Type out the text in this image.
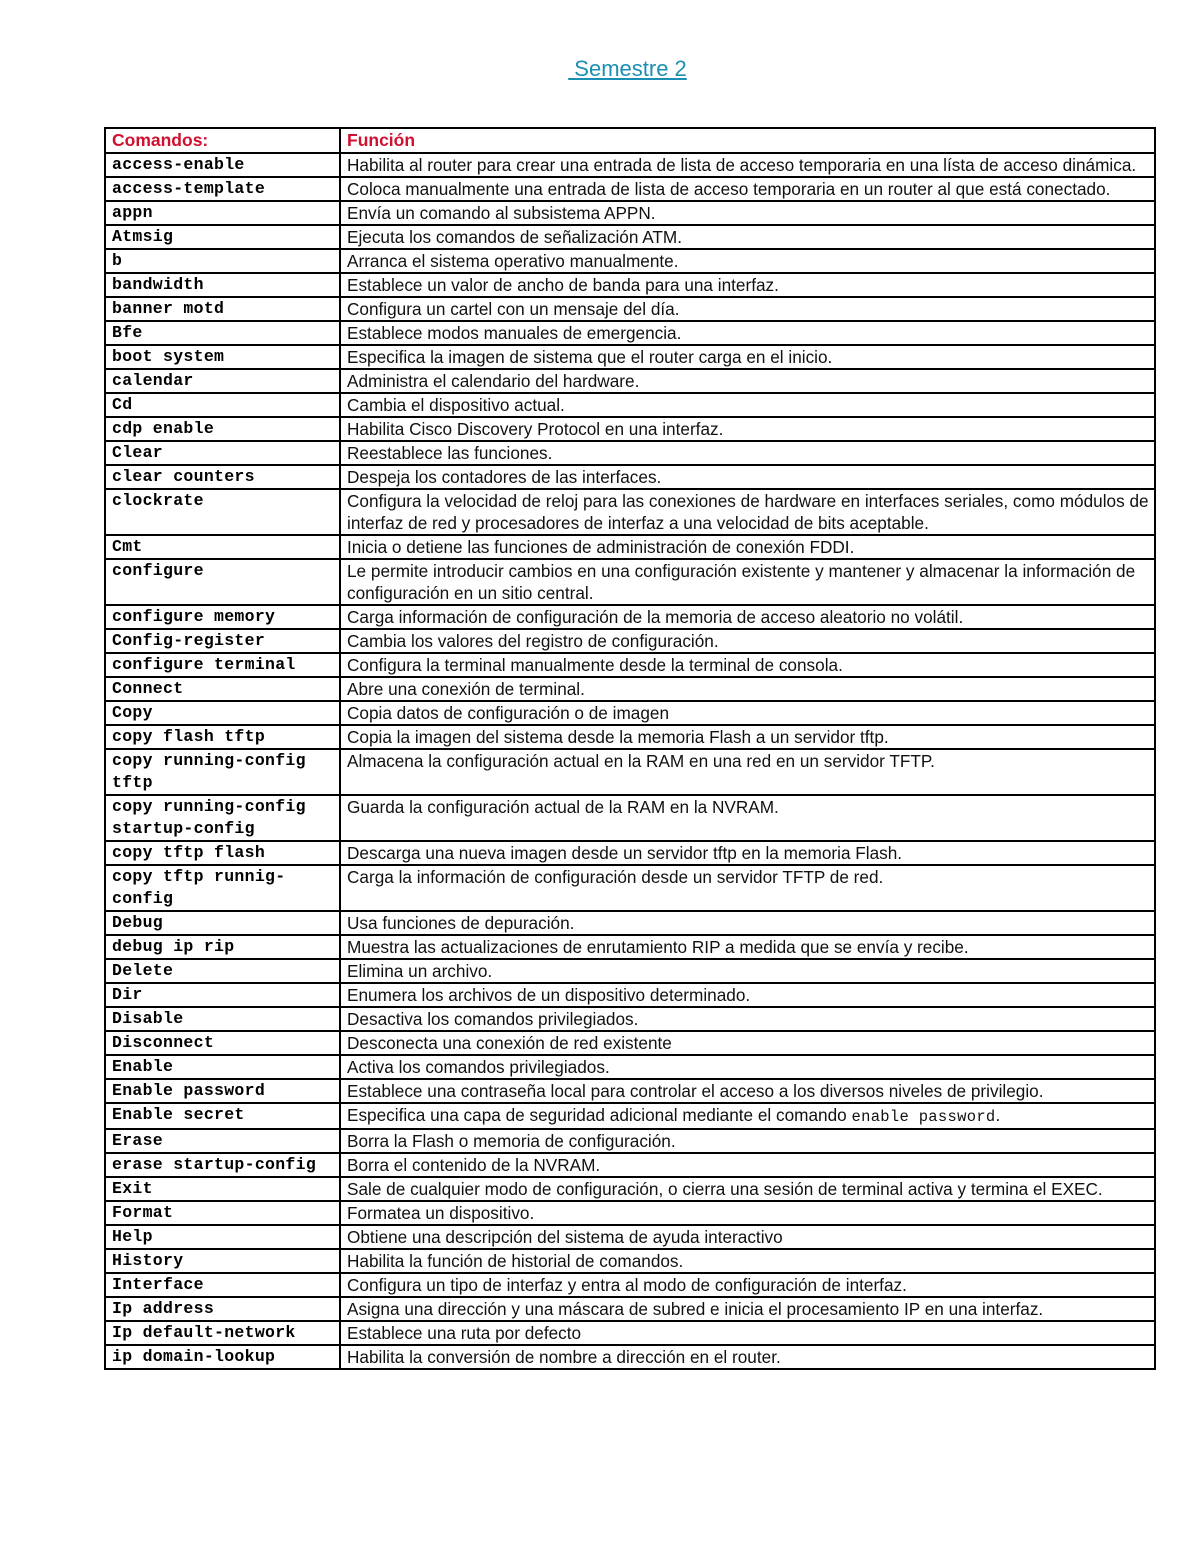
Semestre 2
Comandos:	Función
access-enable	Habilita al router para crear una entrada de lista de acceso temporaria en una lísta de acceso dinámica.
access-template	Coloca manualmente una entrada de lista de acceso temporaria en un router al que está conectado.
appn	Envía un comando al subsistema APPN.
Atmsig	Ejecuta los comandos de señalización ATM.
b	Arranca el sistema operativo manualmente.
bandwidth	Establece un valor de ancho de banda para una interfaz.
banner motd	Configura un cartel con un mensaje del día.
Bfe	Establece modos manuales de emergencia.
boot system	Especifica la imagen de sistema que el router carga en el inicio.
calendar	Administra el calendario del hardware.
Cd	Cambia el dispositivo actual.
cdp enable	Habilita Cisco Discovery Protocol en una interfaz.
Clear	Reestablece las funciones.
clear counters	Despeja los contadores de las interfaces.
clockrate	Configura la velocidad de reloj para las conexiones de hardware en interfaces seriales, como módulos de interfaz de red y procesadores de interfaz a una velocidad de bits aceptable.
Cmt	Inicia o detiene las funciones de administración de conexión FDDI.
configure	Le permite introducir cambios en una configuración existente y mantener y almacenar la información de configuración en un sitio central.
configure memory	Carga información de configuración de la memoria de acceso aleatorio no volátil.
Config-register	Cambia los valores del registro de configuración.
configure terminal	Configura la terminal manualmente desde la terminal de consola.
Connect	Abre una conexión de terminal.
Copy	Copia datos de configuración o de imagen
copy flash tftp	Copia la imagen del sistema desde la memoria Flash a un servidor tftp.
copy running-config tftp	Almacena la configuración actual en la RAM en una red en un servidor TFTP.
copy running-config startup-config	Guarda la configuración actual de la RAM en la NVRAM.
copy tftp flash	Descarga una nueva imagen desde un servidor tftp en la memoria Flash.
copy tftp runnig-config	Carga la información de configuración desde un servidor TFTP de red.
Debug	Usa funciones de depuración.
debug ip rip	Muestra las actualizaciones de enrutamiento RIP a medida que se envía y recibe.
Delete	Elimina un archivo.
Dir	Enumera los archivos de un dispositivo determinado.
Disable	Desactiva los comandos privilegiados.
Disconnect	Desconecta una conexión de red existente
Enable	Activa los comandos privilegiados.
Enable password	Establece una contraseña local para controlar el acceso a los diversos niveles de privilegio.
Enable secret	Especifica una capa de seguridad adicional mediante el comando enable password.
Erase	Borra la Flash o memoria de configuración.
erase startup-config	Borra el contenido de la NVRAM.
Exit	Sale de cualquier modo de configuración, o cierra una sesión de terminal activa y termina el EXEC.
Format	Formatea un dispositivo.
Help	Obtiene una descripción del sistema de ayuda interactivo
History	Habilita la función de historial de comandos.
Interface	Configura un tipo de interfaz y entra al modo de configuración de interfaz.
Ip address	Asigna una dirección y una máscara de subred e inicia el procesamiento IP en una interfaz.
Ip default-network	Establece una ruta por defecto
ip domain-lookup	Habilita la conversión de nombre a dirección en el router.
